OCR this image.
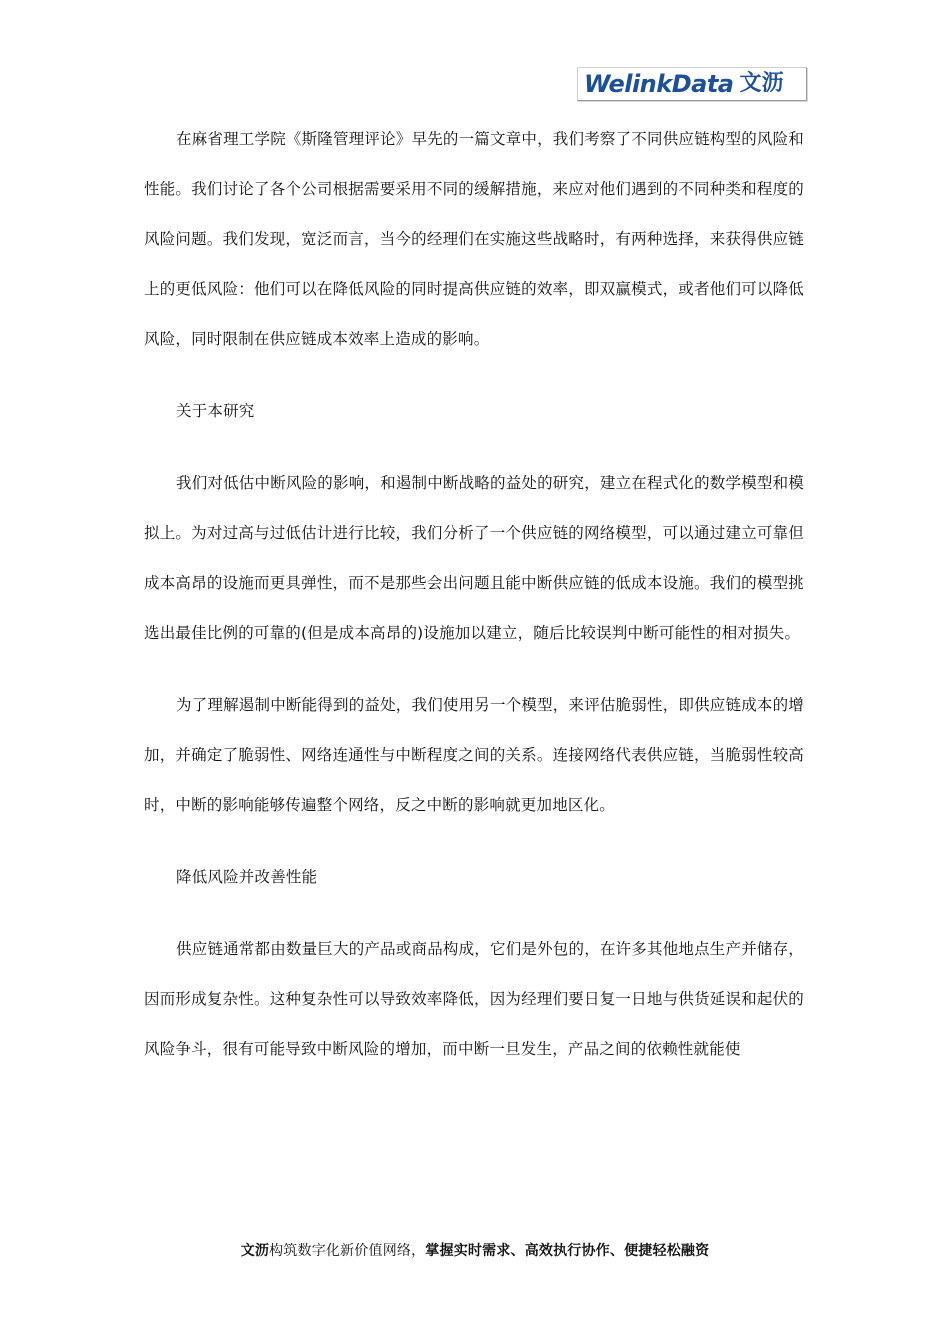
WelinkData 文沥

在麻省理工学院《斯隆管理评论》早先的一篇文章中，我们考察了不同供应链构型的风险和性能。我们讨论了各个公司根据需要采用不同的缓解措施，来应对他们遇到的不同种类和程度的风险问题。我们发现，宽泛而言，当今的经理们在实施这些战略时，有两种选择，来获得供应链上的更低风险：他们可以在降低风险的同时提高供应链的效率，即双赢模式，或者他们可以降低风险，同时限制在供应链成本效率上造成的影响。

关于本研究

我们对低估中断风险的影响，和遏制中断战略的益处的研究，建立在程式化的数学模型和模拟上。为对过高与过低估计进行比较，我们分析了一个供应链的网络模型，可以通过建立可靠但成本高昂的设施而更具弹性，而不是那些会出问题且能中断供应链的低成本设施。我们的模型挑选出最佳比例的可靠的(但是成本高昂的)设施加以建立，随后比较误判中断可能性的相对损失。

为了理解遏制中断能得到的益处，我们使用另一个模型，来评估脆弱性，即供应链成本的增加，并确定了脆弱性、网络连通性与中断程度之间的关系。连接网络代表供应链，当脆弱性较高时，中断的影响能够传遍整个网络，反之中断的影响就更加地区化。

降低风险并改善性能

供应链通常都由数量巨大的产品或商品构成，它们是外包的，在许多其他地点生产并储存，因而形成复杂性。这种复杂性可以导致效率降低，因为经理们要日复一日地与供货延误和起伏的风险争斗，很有可能导致中断风险的增加，而中断一旦发生，产品之间的依赖性就能使

文沥构筑数字化新价值网络，掌握实时需求、高效执行协作、便捷轻松融资
